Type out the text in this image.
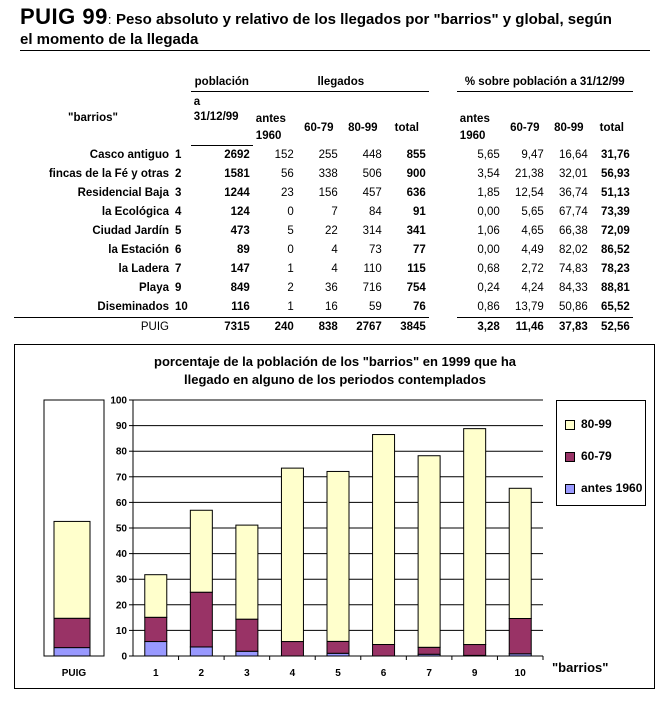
PUIG 99: Peso absoluto y relativo de los llegados por "barrios" y global, según
el momento de la llegada
		población	llegados					% sobre población a 31/12/99			
"barrios"		a									
		31/12/99	antes	60-79	80-99	total		antes	60-79	80-99	total
			1960					1960			
Casco antiguo	1	2692	152	255	448	855		5,65	9,47	16,64	31,76
fincas de la Fé y otras	2	1581	56	338	506	900		3,54	21,38	32,01	56,93
Residencial Baja	3	1244	23	156	457	636		1,85	12,54	36,74	51,13
la Ecológica	4	124	0	7	84	91		0,00	5,65	67,74	73,39
Ciudad Jardín	5	473	5	22	314	341		1,06	4,65	66,38	72,09
la Estación	6	89	0	4	73	77		0,00	4,49	82,02	86,52
la Ladera	7	147	1	4	110	115		0,68	2,72	74,83	78,23
Playa	9	849	2	36	716	754		0,24	4,24	84,33	88,81
Diseminados	10	116	1	16	59	76		0,86	13,79	50,86	65,52
PUIG		7315	240	838	2767	3845		3,28	11,46	37,83	52,56
porcentaje de la población de los "barrios" en 1999 que ha
llegado en alguno de los periodos contemplados
PUIG
0
10
20
30
40
50
60
70
80
90
100
1	2	3	4	5	6	7	9	10
80-99
60-79
antes 1960
"barrios"
